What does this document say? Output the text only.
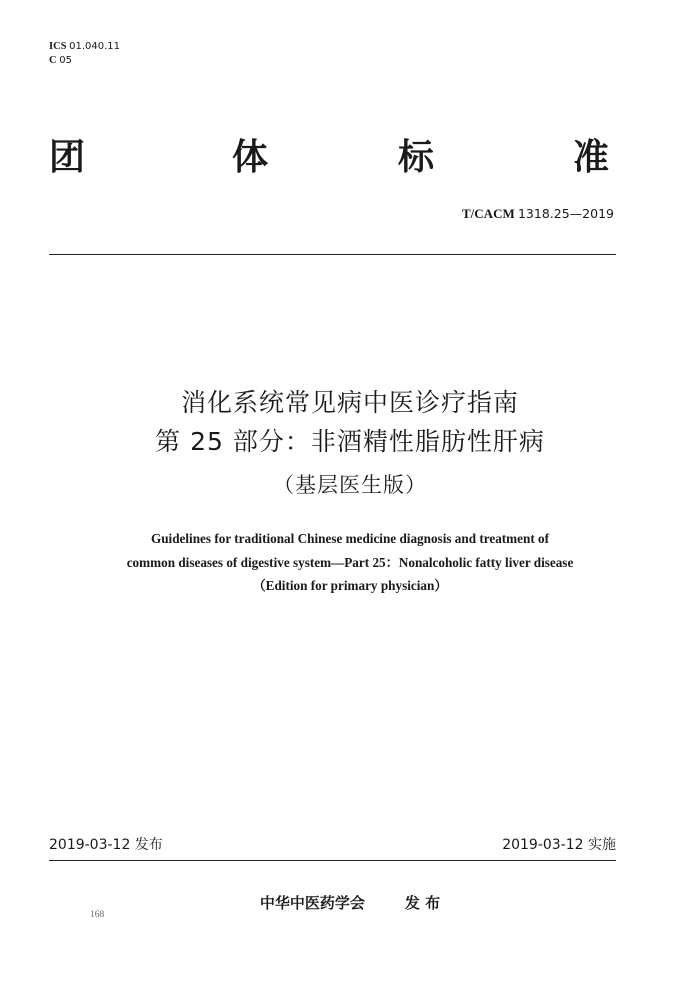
ICS 01.040.11
C 05
团	体	标	准
T/CACM 1318.25—2019
消化系统常见病中医诊疗指南
第 25 部分：非酒精性脂肪性肝病
（基层医生版）
Guidelines for traditional Chinese medicine diagnosis and treatment of
common diseases of digestive system—Part 25：Nonalcoholic fatty liver disease
（Edition for primary physician）
2019-03-12 发布	2019-03-12 实施
中华中医药学会	发 布
168
